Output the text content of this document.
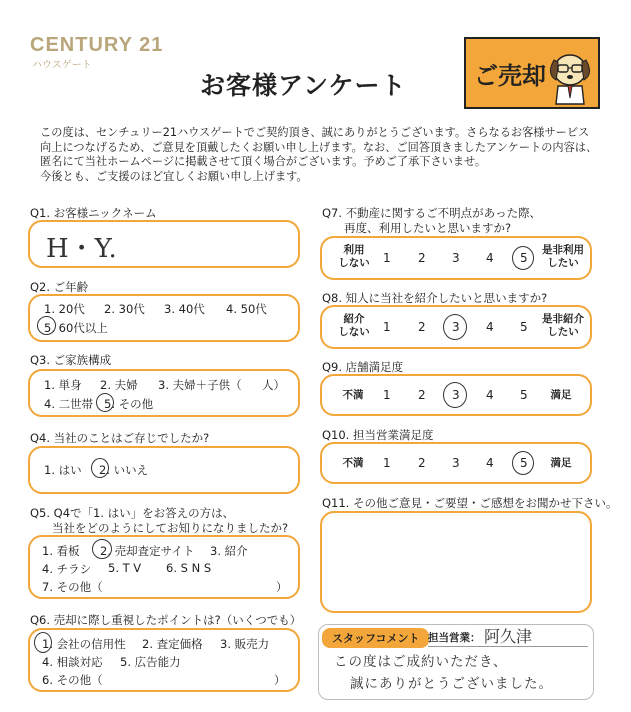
CENTURY 21
ハウスゲート
お客様アンケート	ご売却
この度は、センチュリー21ハウスゲートでご契約頂き、誠にありがとうございます。さらなるお客様サービス
向上につなげるため、ご意見を頂戴したくお願い申し上げます。なお、ご回答頂きましたアンケートの内容は、
匿名にて当社ホームページに掲載させて頂く場合がございます。予めご了承下さいませ。
今後とも、ご支援のほど宜しくお願い申し上げます。
Q1. お客様ニックネーム
H・Y.
Q2. ご年齢
1. 20代 2. 30代 3. 40代 4. 50代
5. 60代以上
Q3. ご家族構成
1. 単身 2. 夫婦 3. 夫婦＋子供（ 人）
4. 二世帯 5. その他
Q4. 当社のことはご存じでしたか?
1. はい 2. いいえ
Q5. Q4で「1. はい」をお答えの方は、
当社をどのようにしてお知りになりましたか?
1. 看板 2. 売却査定サイト 3. 紹介
4. チラシ 5. T V 6. S N S
7. その他（	）
Q6. 売却に際し重視したポイントは?（いくつでも）
1. 会社の信用性 2. 査定価格 3. 販売力
4. 相談対応 5. 広告能力
6. その他（	）
Q7. 不動産に関するご不明点があった際、
再度、利用したいと思いますか?
利用
しない
是非利用
したい
1 2 3 4 5
Q8. 知人に当社を紹介したいと思いますか?
紹介
しない
是非紹介
したい
1 2 3 4 5
Q9. 店舗満足度
不満	満足
1 2 3 4 5
Q10. 担当営業満足度
不満	満足
1 2 3 4 5
Q11. その他ご意見・ご要望・ご感想をお聞かせ下さい。
スタッフコメント 担当営業： 阿久津
この度はご成約いただき、
誠にありがとうございました。
